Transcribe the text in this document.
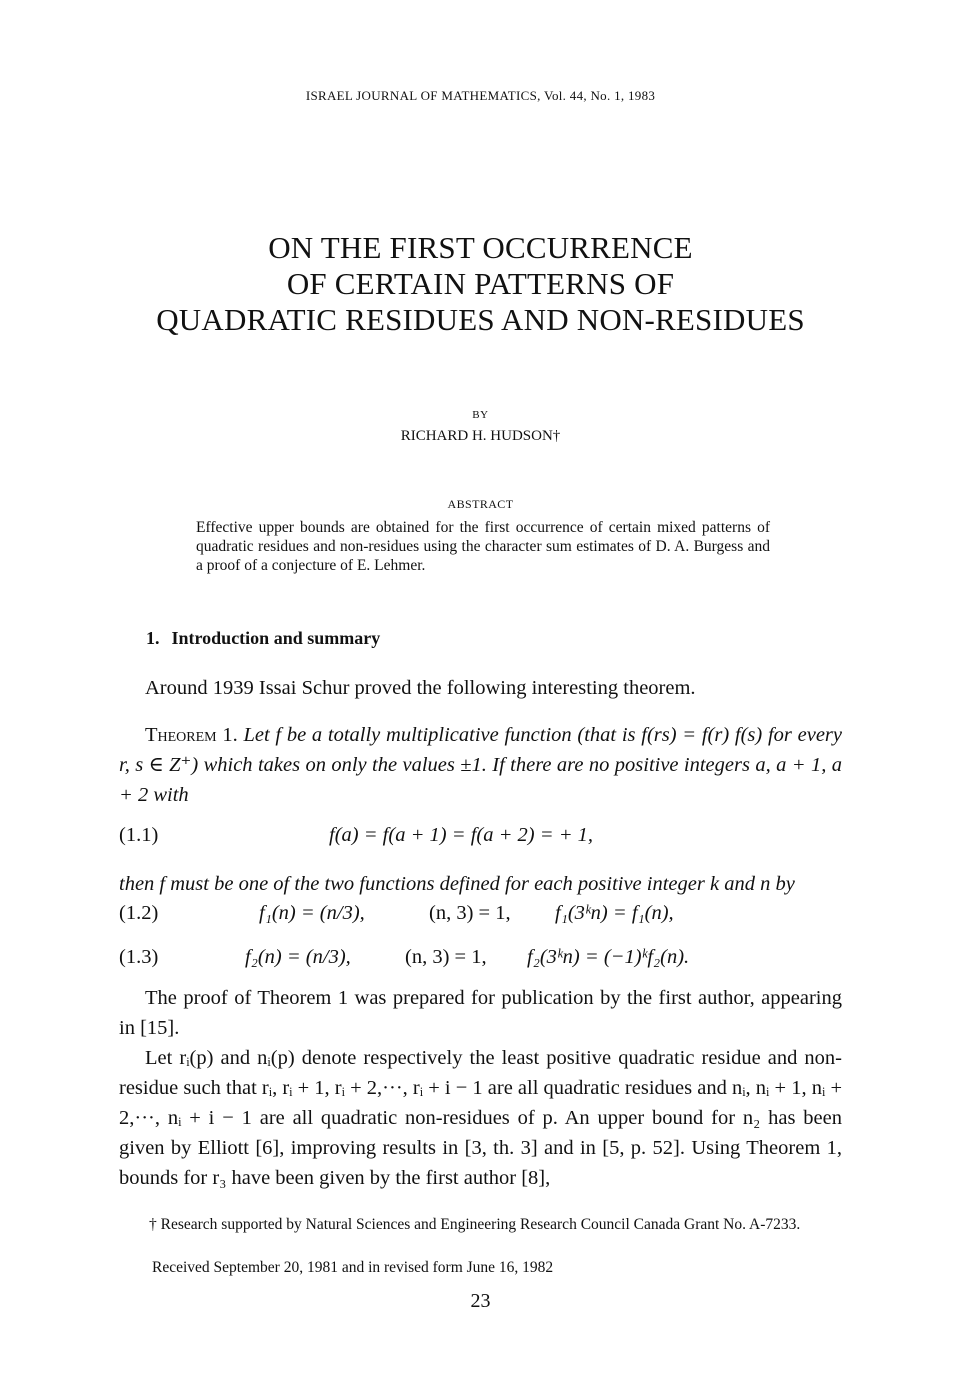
ISRAEL JOURNAL OF MATHEMATICS, Vol. 44, No. 1, 1983
ON THE FIRST OCCURRENCE
OF CERTAIN PATTERNS OF
QUADRATIC RESIDUES AND NON-RESIDUES
BY
RICHARD H. HUDSON†
ABSTRACT
Effective upper bounds are obtained for the first occurrence of certain mixed patterns of quadratic residues and non-residues using the character sum estimates of D. A. Burgess and a proof of a conjecture of E. Lehmer.
1. Introduction and summary
Around 1939 Issai Schur proved the following interesting theorem.
Theorem 1. Let f be a totally multiplicative function (that is f(rs) = f(r) f(s) for every r, s ∈ Z⁺) which takes on only the values ±1. If there are no positive integers a, a + 1, a + 2 with
(1.1)	f(a) = f(a + 1) = f(a + 2) = + 1,
then f must be one of the two functions defined for each positive integer k and n by
(1.2)	f₁(n) = (n/3),	(n, 3) = 1, f₁(3ᵏn) = f₁(n),
(1.3)	f₂(n) = (n/3),	(n, 3) = 1, f₂(3ᵏn) = (−1)ᵏf₂(n).
The proof of Theorem 1 was prepared for publication by the first author, appearing in [15].
Let rᵢ(p) and nᵢ(p) denote respectively the least positive quadratic residue and non-residue such that rᵢ, rᵢ + 1, rᵢ + 2,···, rᵢ + i − 1 are all quadratic residues and nᵢ, nᵢ + 1, nᵢ + 2,···, nᵢ + i − 1 are all quadratic non-residues of p. An upper bound for n₂ has been given by Elliott [6], improving results in [3, th. 3] and in [5, p. 52]. Using Theorem 1, bounds for r₃ have been given by the first author [8],
† Research supported by Natural Sciences and Engineering Research Council Canada Grant No. A-7233.
Received September 20, 1981 and in revised form June 16, 1982
23
